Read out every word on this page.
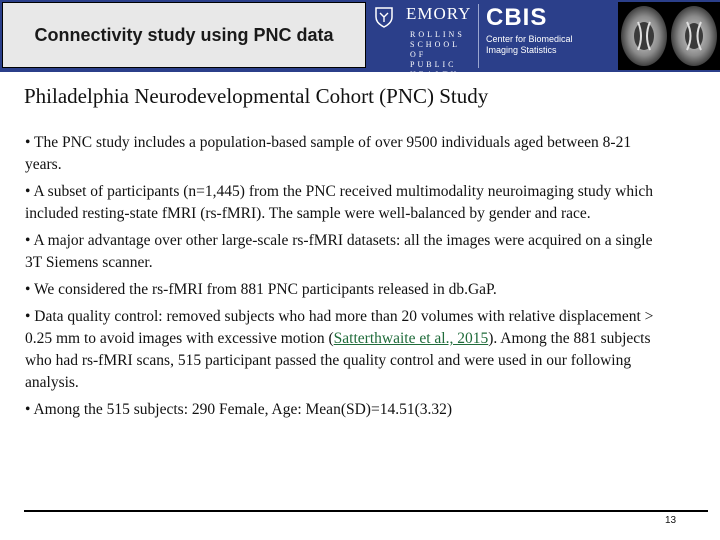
Connectivity study using PNC data
EMORY
ROLLINS
SCHOOL OF
PUBLIC
HEALTH
CBIS
Center for Biomedical
Imaging Statistics
Philadelphia Neurodevelopmental Cohort (PNC) Study

• The PNC study includes a population-based sample of over 9500 individuals aged between 8-21 years.

• A subset of participants (n=1,445) from the PNC received multimodality neuroimaging study which included resting-state fMRI (rs-fMRI). The sample were well-balanced by gender and race.

• A major advantage over other large-scale rs-fMRI datasets: all the images were acquired on a single 3T Siemens scanner.

• We considered the rs-fMRI from 881 PNC participants released in db.GaP.

• Data quality control: removed subjects who had more than 20 volumes with relative displacement > 0.25 mm to avoid images with excessive motion (Satterthwaite et al., 2015). Among the 881 subjects who had rs-fMRI scans, 515 participant passed the quality control and were used in our following analysis.

• Among the 515 subjects: 290 Female, Age: Mean(SD)=14.51(3.32)

13
